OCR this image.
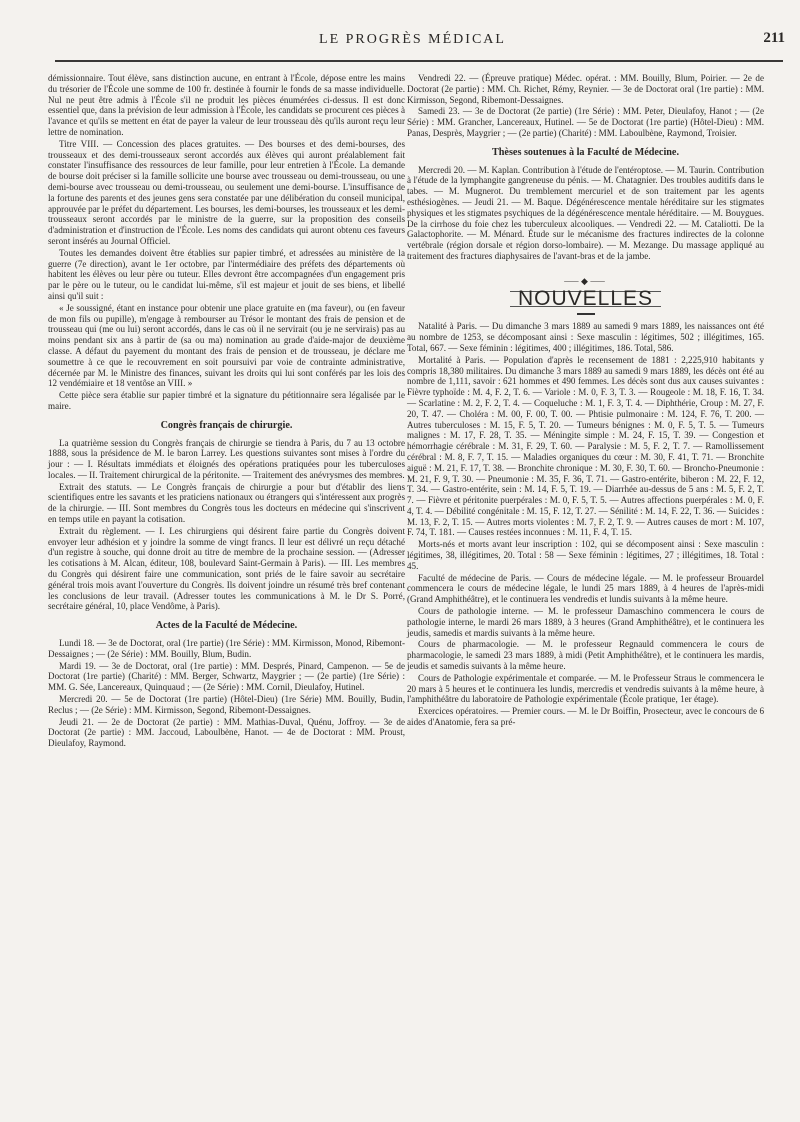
LE PROGRÈS MÉDICAL	211

démissionnaire. Tout élève, sans distinction aucune, en entrant à l'École, dépose entre les mains du trésorier de l'École une somme de 100 fr. destinée à fournir le fonds de sa masse individuelle. Nul ne peut être admis à l'École s'il ne produit les pièces énumérées ci-dessus. Il est donc essentiel que, dans la prévision de leur admission à l'École, les candidats se procurent ces pièces à l'avance et qu'ils se mettent en état de payer la valeur de leur trousseau dès qu'ils auront reçu leur lettre de nomination.

Titre VIII. — Concession des places gratuites. — Des bourses et des demi-bourses, des trousseaux et des demi-trousseaux seront accordés aux élèves qui auront préalablement fait constater l'insuffisance des ressources de leur famille, pour leur entretien à l'École. La demande de bourse doit préciser si la famille sollicite une bourse avec trousseau ou demi-trousseau, ou une demi-bourse avec trousseau ou demi-trousseau, ou seulement une demi-bourse. L'insuffisance de la fortune des parents et des jeunes gens sera constatée par une délibération du conseil municipal, approuvée par le préfet du département. Les bourses, les demi-bourses, les trousseaux et les demi-trousseaux seront accordés par le ministre de la guerre, sur la proposition des conseils d'administration et d'instruction de l'École. Les noms des candidats qui auront obtenu ces faveurs seront insérés au Journal Officiel.

Toutes les demandes doivent être établies sur papier timbré, et adressées au ministère de la guerre (7e direction), avant le 1er octobre, par l'intermédiaire des préfets des départements où habitent les élèves ou leur père ou tuteur. Elles devront être accompagnées d'un engagement pris par le père ou le tuteur, ou le candidat lui-même, s'il est majeur et jouit de ses biens, et libellé ainsi qu'il suit :

« Je soussigné, étant en instance pour obtenir une place gratuite en (ma faveur), ou (en faveur de mon fils ou pupille), m'engage à rembourser au Trésor le montant des frais de pension et de trousseau qui (me ou lui) seront accordés, dans le cas où il ne servirait (ou je ne servirais) pas au moins pendant six ans à partir de (sa ou ma) nomination au grade d'aide-major de deuxième classe. A défaut du payement du montant des frais de pension et de trousseau, je déclare me soumettre à ce que le recouvrement en soit poursuivi par voie de contrainte administrative, décernée par M. le Ministre des finances, suivant les droits qui lui sont conférés par les lois des 12 vendémiaire et 18 ventôse an VIII. »

Cette pièce sera établie sur papier timbré et la signature du pétitionnaire sera légalisée par le maire.

Congrès français de chirurgie.

La quatrième session du Congrès français de chirurgie se tiendra à Paris, du 7 au 13 octobre 1888, sous la présidence de M. le baron Larrey. Les questions suivantes sont mises à l'ordre du jour : — I. Résultats immédiats et éloignés des opérations pratiquées pour les tuberculoses locales. — II. Traitement chirurgical de la péritonite. — Traitement des anévrysmes des membres.

Extrait des statuts. — Le Congrès français de chirurgie a pour but d'établir des liens scientifiques entre les savants et les praticiens nationaux ou étrangers qui s'intéressent aux progrès de la chirurgie. — III. Sont membres du Congrès tous les docteurs en médecine qui s'inscrivent en temps utile en payant la cotisation.

Extrait du règlement. — I. Les chirurgiens qui désirent faire partie du Congrès doivent envoyer leur adhésion et y joindre la somme de vingt francs. Il leur est délivré un reçu détaché d'un registre à souche, qui donne droit au titre de membre de la prochaine session. — (Adresser les cotisations à M. Alcan, éditeur, 108, boulevard Saint-Germain à Paris). — III. Les membres du Congrès qui désirent faire une communication, sont priés de le faire savoir au secrétaire général trois mois avant l'ouverture du Congrès. Ils doivent joindre un résumé très bref contenant les conclusions de leur travail. (Adresser toutes les communications à M. le Dr S. Porré, secrétaire général, 10, place Vendôme, à Paris).

Actes de la Faculté de Médecine.

Lundi 18. — 3e de Doctorat, oral (1re partie) (1re Série) : MM. Kirmisson, Monod, Ribemont-Dessaignes ; — (2e Série) : MM. Bouilly, Blum, Budin.

Mardi 19. — 3e de Doctorat, oral (1re partie) : MM. Després, Pinard, Campenon. — 5e de Doctorat (1re partie) (Charité) : MM. Berger, Schwartz, Maygrier ; — (2e partie) (1re Série) : MM. G. Sée, Lancereaux, Quinquaud ; — (2e Série) : MM. Cornil, Dieulafoy, Hutinel.

Mercredi 20. — 5e de Doctorat (1re partie) (Hôtel-Dieu) (1re Série) MM. Bouilly, Budin, Reclus ; — (2e Série) : MM. Kirmisson, Segond, Ribemont-Dessaignes.

Jeudi 21. — 2e de Doctorat (2e partie) : MM. Mathias-Duval, Quénu, Joffroy. — 3e de Doctorat (2e partie) : MM. Jaccoud, Laboulbène, Hanot. — 4e de Doctorat : MM. Proust, Dieulafoy, Raymond.

Vendredi 22. — (Épreuve pratique) Médec. opérat. : MM. Bouilly, Blum, Poirier. — 2e de Doctorat (2e partie) : MM. Ch. Richet, Rémy, Reynier. — 3e de Doctorat oral (1re partie) : MM. Kirmisson, Segond, Ribemont-Dessaignes.

Samedi 23. — 3e de Doctorat (2e partie) (1re Série) : MM. Peter, Dieulafoy, Hanot ; — (2e Série) : MM. Grancher, Lancereaux, Hutinel. — 5e de Doctorat (1re partie) (Hôtel-Dieu) : MM. Panas, Desprès, Maygrier ; — (2e partie) (Charité) : MM. Laboulbène, Raymond, Troisier.

Thèses soutenues à la Faculté de Médecine.

Mercredi 20. — M. Kaplan. Contribution à l'étude de l'entéroptose. — M. Taurin. Contribution à l'étude de la lymphangite gangreneuse du pénis. — M. Chatagnier. Des troubles auditifs dans le tabes. — M. Mugnerot. Du tremblement mercuriel et de son traitement par les agents esthésiogènes. — Jeudi 21. — M. Baque. Dégénérescence mentale héréditaire sur les stigmates physiques et les stigmates psychiques de la dégénérescence mentale héréditaire. — M. Bouygues. De la cirrhose du foie chez les tuberculeux alcooliques. — Vendredi 22. — M. Cataliotti. De la Galactophorite. — M. Ménard. Étude sur le mécanisme des fractures indirectes de la colonne vertébrale (région dorsale et région dorso-lombaire). — M. Mezange. Du massage appliqué au traitement des fractures diaphysaires de l'avant-bras et de la jambe.

⸺◆⸺
NOUVELLES

Natalité à Paris. — Du dimanche 3 mars 1889 au samedi 9 mars 1889, les naissances ont été au nombre de 1253, se décomposant ainsi : Sexe masculin : légitimes, 502 ; illégitimes, 165. Total, 667. — Sexe féminin : légitimes, 400 ; illégitimes, 186. Total, 586.

Mortalité à Paris. — Population d'après le recensement de 1881 : 2,225,910 habitants y compris 18,380 militaires. Du dimanche 3 mars 1889 au samedi 9 mars 1889, les décès ont été au nombre de 1,111, savoir : 621 hommes et 490 femmes. Les décès sont dus aux causes suivantes : Fièvre typhoïde : M. 4, F. 2, T. 6. — Variole : M. 0, F. 3, T. 3. — Rougeole : M. 18, F. 16, T. 34. — Scarlatine : M. 2, F. 2, T. 4. — Coqueluche : M. 1, F. 3, T. 4. — Diphthérie, Croup : M. 27, F. 20, T. 47. — Choléra : M. 00, F. 00, T. 00. — Phtisie pulmonaire : M. 124, F. 76, T. 200. — Autres tuberculoses : M. 15, F. 5, T. 20. — Tumeurs bénignes : M. 0, F. 5, T. 5. — Tumeurs malignes : M. 17, F. 28, T. 35. — Méningite simple : M. 24, F. 15, T. 39. — Congestion et hémorrhagie cérébrale : M. 31, F. 29, T. 60. — Paralysie : M. 5, F. 2, T. 7. — Ramollissement cérébral : M. 8, F. 7, T. 15. — Maladies organiques du cœur : M. 30, F. 41, T. 71. — Bronchite aiguë : M. 21, F. 17, T. 38. — Bronchite chronique : M. 30, F. 30, T. 60. — Broncho-Pneumonie : M. 21, F. 9, T. 30. — Pneumonie : M. 35, F. 36, T. 71. — Gastro-entérite, biberon : M. 22, F. 12, T. 34. — Gastro-entérite, sein : M. 14, F. 5, T. 19. — Diarrhée au-dessus de 5 ans : M. 5, F. 2, T. 7. — Fièvre et péritonite puerpérales : M. 0, F. 5, T. 5. — Autres affections puerpérales : M. 0, F. 4, T. 4. — Débilité congénitale : M. 15, F. 12, T. 27. — Sénilité : M. 14, F. 22, T. 36. — Suicides : M. 13, F. 2, T. 15. — Autres morts violentes : M. 7, F. 2, T. 9. — Autres causes de mort : M. 107, F. 74, T. 181. — Causes restées inconnues : M. 11, F. 4, T. 15.

Morts-nés et morts avant leur inscription : 102, qui se décomposent ainsi : Sexe masculin : légitimes, 38, illégitimes, 20. Total : 58 — Sexe féminin : légitimes, 27 ; illégitimes, 18. Total : 45.

Faculté de médecine de Paris. — Cours de médecine légale. — M. le professeur Brouardel commencera le cours de médecine légale, le lundi 25 mars 1889, à 4 heures de l'après-midi (Grand Amphithéâtre), et le continuera les vendredis et lundis suivants à la même heure.

Cours de pathologie interne. — M. le professeur Damaschino commencera le cours de pathologie interne, le mardi 26 mars 1889, à 3 heures (Grand Amphithéâtre), et le continuera les jeudis, samedis et mardis suivants à la même heure.

Cours de pharmacologie. — M. le professeur Regnauld commencera le cours de pharmacologie, le samedi 23 mars 1889, à midi (Petit Amphithéâtre), et le continuera les mardis, jeudis et samedis suivants à la même heure.

Cours de Pathologie expérimentale et comparée. — M. le Professeur Straus le commencera le 20 mars à 5 heures et le continuera les lundis, mercredis et vendredis suivants à la même heure, à l'amphithéâtre du laboratoire de Pathologie expérimentale (École pratique, 1er étage).

Exercices opératoires. — Premier cours. — M. le Dr Boiffin, Prosecteur, avec le concours de 6 aides d'Anatomie, fera sa pré-
